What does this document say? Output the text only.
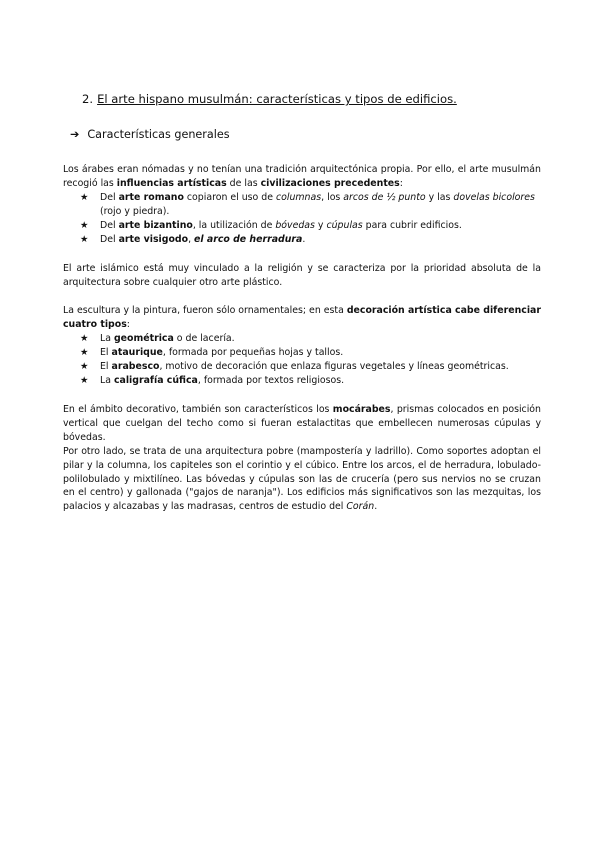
2. El arte hispano musulmán: características y tipos de edificios.
➔ Características generales
Los árabes eran nómadas y no tenían una tradición arquitectónica propia. Por ello, el arte musulmán recogió las influencias artísticas de las civilizaciones precedentes:
★	Del arte romano copiaron el uso de columnas, los arcos de ½ punto y las dovelas bicolores (rojo y piedra).
★	Del arte bizantino, la utilización de bóvedas y cúpulas para cubrir edificios.
★	Del arte visigodo, el arco de herradura.
El arte islámico está muy vinculado a la religión y se caracteriza por la prioridad absoluta de la arquitectura sobre cualquier otro arte plástico.
La escultura y la pintura, fueron sólo ornamentales; en esta decoración artística cabe diferenciar cuatro tipos:
★	La geométrica o de lacería.
★	El ataurique, formada por pequeñas hojas y tallos.
★	El arabesco, motivo de decoración que enlaza figuras vegetales y líneas geométricas.
★	La caligrafía cúfica, formada por textos religiosos.
En el ámbito decorativo, también son característicos los mocárabes, prismas colocados en posición vertical que cuelgan del techo como si fueran estalactitas que embellecen numerosas cúpulas y bóvedas.
Por otro lado, se trata de una arquitectura pobre (mampostería y ladrillo). Como soportes adoptan el pilar y la columna, los capiteles son el corintio y el cúbico. Entre los arcos, el de herradura, lobulado-polilobulado y mixtilíneo. Las bóvedas y cúpulas son las de crucería (pero sus nervios no se cruzan en el centro) y gallonada ("gajos de naranja"). Los edificios más significativos son las mezquitas, los palacios y alcazabas y las madrasas, centros de estudio del Corán.
